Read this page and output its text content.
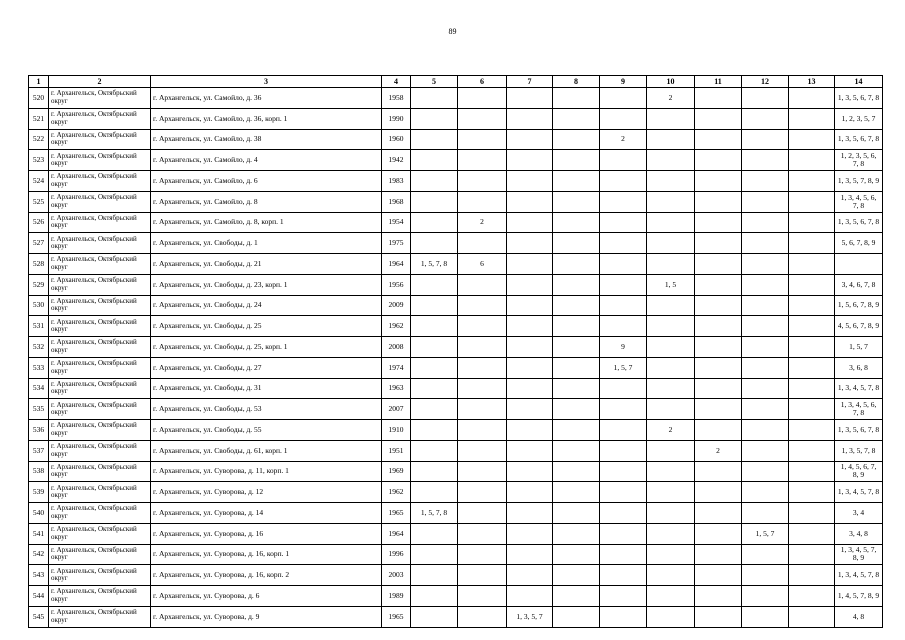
89
1	2	3	4	5	6	7	8	9	10	11	12	13	14
520	г. Архангельск, Октябрьский округ	г. Архангельск, ул. Самойло, д. 36	1958						2				1, 3, 5, 6, 7, 8
521	г. Архангельск, Октябрьский округ	г. Архангельск, ул. Самойло, д. 36, корп. 1	1990										1, 2, 3, 5, 7
522	г. Архангельск, Октябрьский округ	г. Архангельск, ул. Самойло, д. 38	1960					2					1, 3, 5, 6, 7, 8
523	г. Архангельск, Октябрьский округ	г. Архангельск, ул. Самойло, д. 4	1942										1, 2, 3, 5, 6, 7, 8
524	г. Архангельск, Октябрьский округ	г. Архангельск, ул. Самойло, д. 6	1983										1, 3, 5, 7, 8, 9
525	г. Архангельск, Октябрьский округ	г. Архангельск, ул. Самойло, д. 8	1968										1, 3, 4, 5, 6, 7, 8
526	г. Архангельск, Октябрьский округ	г. Архангельск, ул. Самойло, д. 8, корп. 1	1954		2								1, 3, 5, 6, 7, 8
527	г. Архангельск, Октябрьский округ	г. Архангельск, ул. Свободы, д. 1	1975										5, 6, 7, 8, 9
528	г. Архангельск, Октябрьский округ	г. Архангельск, ул. Свободы, д. 21	1964	1, 5, 7, 8	6								
529	г. Архангельск, Октябрьский округ	г. Архангельск, ул. Свободы, д. 23, корп. 1	1956						1, 5				3, 4, 6, 7, 8
530	г. Архангельск, Октябрьский округ	г. Архангельск, ул. Свободы, д. 24	2009										1, 5, 6, 7, 8, 9
531	г. Архангельск, Октябрьский округ	г. Архангельск, ул. Свободы, д. 25	1962										4, 5, 6, 7, 8, 9
532	г. Архангельск, Октябрьский округ	г. Архангельск, ул. Свободы, д. 25, корп. 1	2008					9					1, 5, 7
533	г. Архангельск, Октябрьский округ	г. Архангельск, ул. Свободы, д. 27	1974					1, 5, 7					3, 6, 8
534	г. Архангельск, Октябрьский округ	г. Архангельск, ул. Свободы, д. 31	1963										1, 3, 4, 5, 7, 8
535	г. Архангельск, Октябрьский округ	г. Архангельск, ул. Свободы, д. 53	2007										1, 3, 4, 5, 6, 7, 8
536	г. Архангельск, Октябрьский округ	г. Архангельск, ул. Свободы, д. 55	1910						2				1, 3, 5, 6, 7, 8
537	г. Архангельск, Октябрьский округ	г. Архангельск, ул. Свободы, д. 61, корп. 1	1951							2			1, 3, 5, 7, 8
538	г. Архангельск, Октябрьский округ	г. Архангельск, ул. Суворова, д. 11, корп. 1	1969										1, 4, 5, 6, 7, 8, 9
539	г. Архангельск, Октябрьский округ	г. Архангельск, ул. Суворова, д. 12	1962										1, 3, 4, 5, 7, 8
540	г. Архангельск, Октябрьский округ	г. Архангельск, ул. Суворова, д. 14	1965	1, 5, 7, 8									3, 4
541	г. Архангельск, Октябрьский округ	г. Архангельск, ул. Суворова, д. 16	1964								1, 5, 7		3, 4, 8
542	г. Архангельск, Октябрьский округ	г. Архангельск, ул. Суворова, д. 16, корп. 1	1996										1, 3, 4, 5, 7, 8, 9
543	г. Архангельск, Октябрьский округ	г. Архангельск, ул. Суворова, д. 16, корп. 2	2003										1, 3, 4, 5, 7, 8
544	г. Архангельск, Октябрьский округ	г. Архангельск, ул. Суворова, д. 6	1989										1, 4, 5, 7, 8, 9
545	г. Архангельск, Октябрьский округ	г. Архангельск, ул. Суворова, д. 9	1965			1, 3, 5, 7							4, 8
